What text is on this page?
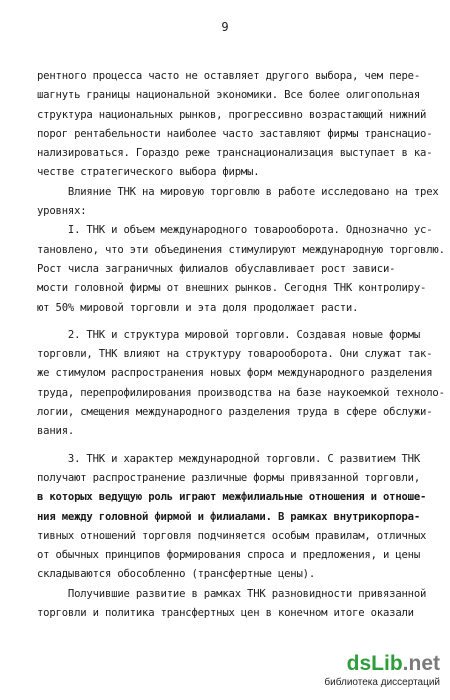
9
рентного процесса часто не оставляет другого выбора, чем пере-
шагнуть границы национальной экономики. Все более олигопольная
структура национальных рынков, прогрессивно возрастающий нижний
порог рентабельности наиболее часто заставляют фирмы транснацио-
нализироваться. Гораздо реже транснационализация выступает в ка-
честве стратегического выбора фирмы.
Влияние ТНК на мировую торговлю в работе исследовано на трех
уровнях:
I. ТНК и объем международного товарооборота. Однозначно ус-
тановлено, что эти объединения стимулируют международную торговлю.
Рост числа заграничных филиалов обуславливает рост зависи-
мости головной фирмы от внешних рынков. Сегодня ТНК контролиру-
ют 50% мировой торговли и эта доля продолжает расти.
2. ТНК и структура мировой торговли. Создавая новые формы
торговли, ТНК влияют на структуру товарооборота. Они служат так-
же стимулом распространения новых форм международного разделения
труда, перепрофилирования производства на базе наукоемкой техноло-
логии, смещения международного разделения труда в сфере обслужи-
вания.
3. ТНК и характер международной торговли. С развитием ТНК
получают распространение различные формы привязанной торговли,
в которых ведущую роль играют межфилиальные отношения и отноше-
ния между головной фирмой и филиалами. В рамках внутрикорпора-
тивных отношений торговля подчиняется особым правилам, отличных
от обычных принципов формирования спроса и предложения, и цены
складываются обособленно (трансфертные цены).
Получившие развитие в рамках ТНК разновидности привязанной
торговли и политика трансфертных цен в конечном итоге оказали
dsLib.net
библиотека диссертаций
